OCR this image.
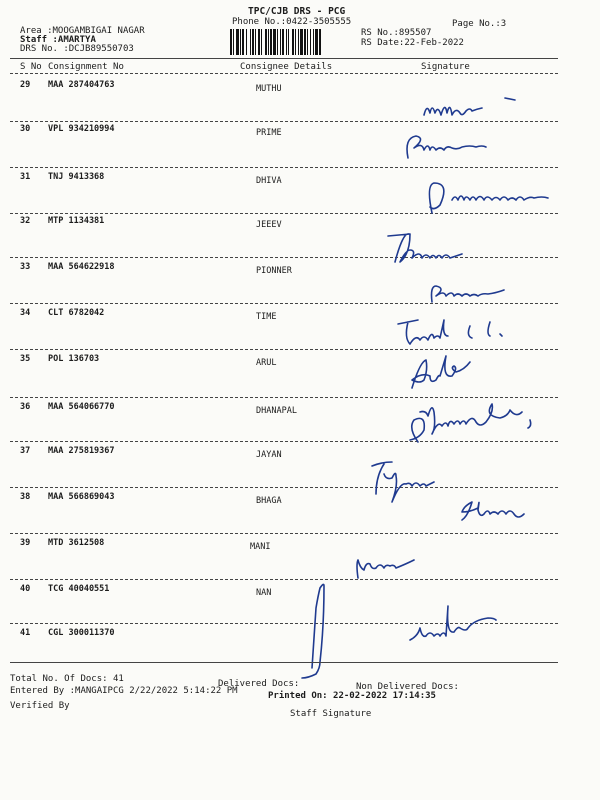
TPC/CJB DRS - PCG
Phone No.:0422-3505555	Page No.:3
Area :MOOGAMBIGAI NAGAR
Staff :AMARTYA
DRS No. :DCJB89550703
RS No.:895507
RS Date:22-Feb-2022
S No Consignment No	Consignee Details	Signature
29 MAA 287404763	MUTHU
30 VPL 934210994	PRIME
31 TNJ 9413368	DHIVA
32 MTP 1134381	JEEEV
33 MAA 564622918	PIONNER
34 CLT 6782042	TIME
35 POL 136703	ARUL
36 MAA 564066770	DHANAPAL
37 MAA 275819367	JAYAN
38 MAA 566869043	BHAGA
39 MTD 3612508	MANI
40 TCG 40040551	NAN
41 CGL 300011370
Total No. Of Docs: 41	Delivered Docs:	Non Delivered Docs:
Entered By :MANGAIPCG 2/22/2022 5:14:22 PM	Printed On: 22-02-2022 17:14:35
Verified By
Staff Signature
